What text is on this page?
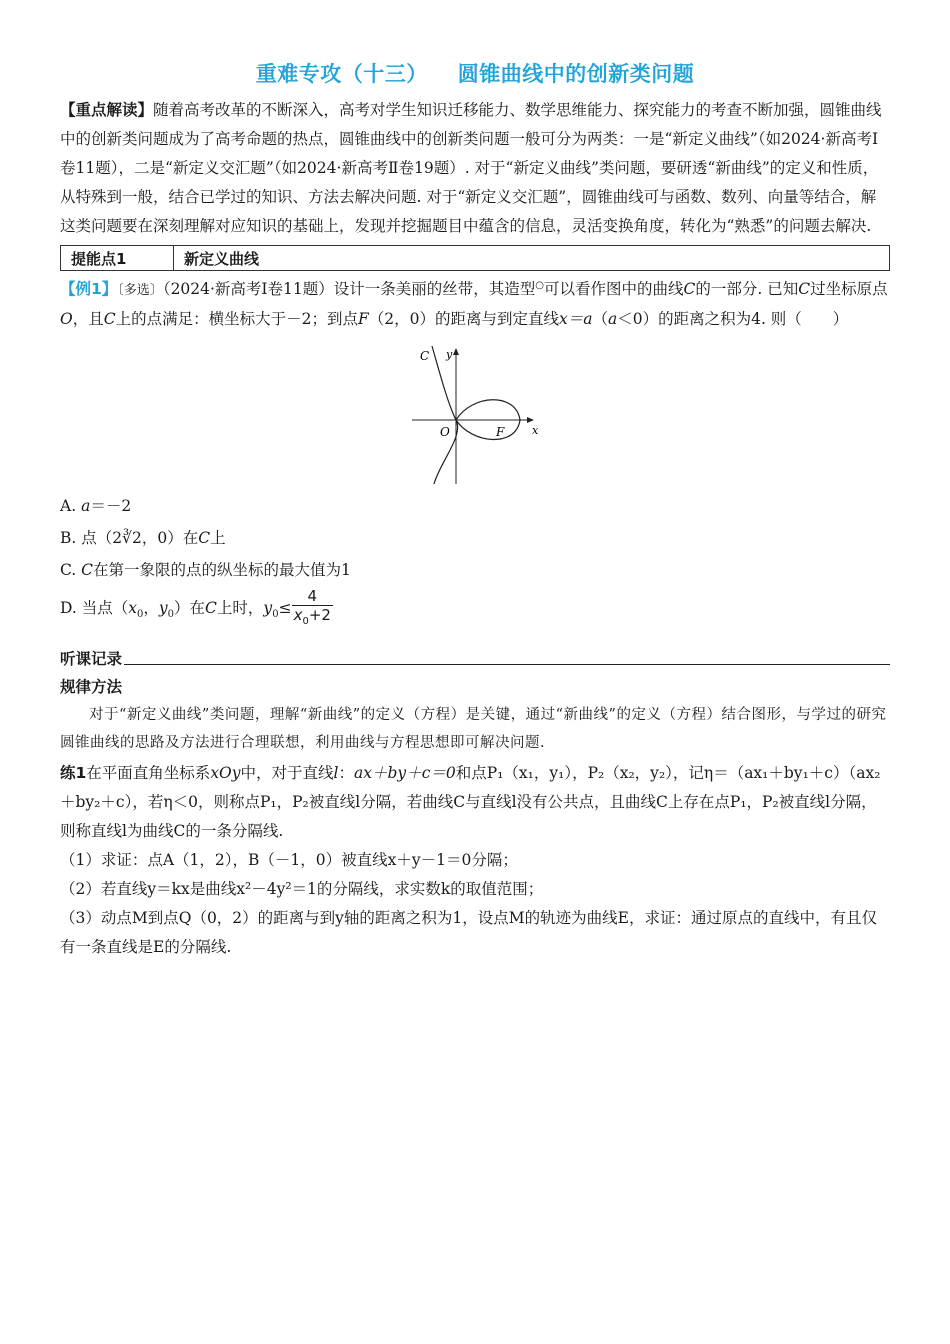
重难专攻（十三） 圆锥曲线中的创新类问题

【重点解读】随着高考改革的不断深入，高考对学生知识迁移能力、数学思维能力、探究能力的考查不断加强，圆锥曲线中的创新类问题成为了高考命题的热点，圆锥曲线中的创新类问题一般可分为两类：一是“新定义曲线”（如2024·新高考Ⅰ卷11题），二是“新定义交汇题”（如2024·新高考Ⅱ卷19题）. 对于“新定义曲线”类问题，要研透“新曲线”的定义和性质，从特殊到一般，结合已学过的知识、方法去解决问题. 对于“新定义交汇题”，圆锥曲线可与函数、数列、向量等结合，解这类问题要在深刻理解对应知识的基础上，发现并挖掘题目中蕴含的信息，灵活变换角度，转化为“熟悉”的问题去解决.

提能点1	新定义曲线

【例1】〔多选〕（2024·新高考Ⅰ卷11题）设计一条美丽的丝带，其造型○可以看作图中的曲线C的一部分. 已知C过坐标原点O，且C上的点满足：横坐标大于－2；到点F（2，0）的距离与到定直线x＝a（a＜0）的距离之积为4. 则（　　）

C y
O	F	x

A. a＝－2

B. 点（2∛2，0）在C上

C. C在第一象限的点的纵坐标的最大值为1

D. 当点（$x_0$，$y_0$）在C上时，$y_0\le \frac{4}{x_0+2}$

听课记录
规律方法

对于“新定义曲线”类问题，理解“新曲线”的定义（方程）是关键，通过“新曲线”的定义（方程）结合图形，与学过的研究圆锥曲线的思路及方法进行合理联想，利用曲线与方程思想即可解决问题.

练1在平面直角坐标系xOy中，对于直线l：ax＋by＋c＝0和点P₁（x₁，y₁），P₂（x₂，y₂），记η＝（ax₁＋by₁＋c）（ax₂＋by₂＋c），若η＜0，则称点P₁，P₂被直线l分隔，若曲线C与直线l没有公共点，且曲线C上存在点P₁，P₂被直线l分隔，则称直线l为曲线C的一条分隔线.

（1）求证：点A（1，2），B（－1，0）被直线x＋y－1＝0分隔；

（2）若直线y＝kx是曲线x²－4y²＝1的分隔线，求实数k的取值范围；

（3）动点M到点Q（0，2）的距离与到y轴的距离之积为1，设点M的轨迹为曲线E，求证：通过原点的直线中，有且仅有一条直线是E的分隔线.
